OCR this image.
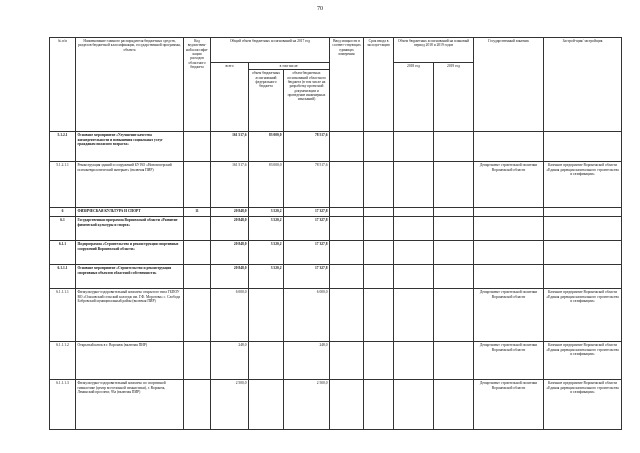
70
№ п/п	Наименование главного распорядителя бюджетных средств, разделов бюджетной классификации, государственной программы, объекта	Код ведомствен-ной классифи-кации расходов областного бюджета	Общий объем бюджетных ассигнований на 2017 год			Ввод мощности в соответ-ствующих единицах измерения	Срок ввода в эксплуа-тацию	Объем бюджетных ассигнований на плановый период 2018 и 2019 годов		Государственный заказчик	Застрой-щик/ застройщик
			всего	в том числе:				2018 год	2019 год		
				объем бюджетных ассигнований федерального бюджета	объем бюджетных ассигнований областного бюджета (в том числе на разработку проектной документации и проведение инженерных изысканий)						
5.1.2.1	Основное мероприятие «Улучшение качества жизнедеятельности и повышения социальных услуг гражданам пожилого возраста»		161 517,6	83 000,0	78 517,6						
5.1.2.1.1	Реконструкция зданий и сооружений БУ ВО «Новохоперский психоневрологический интернат» (включая ПИР)		161 517,6	83 000,0	78 517,6					Департамент строительной политики Воронежской области	Казенное предприятие Воронежской области «Единая дирекция капитального строительства и газификации»
6	ФИЗИЧЕСКАЯ КУЛЬТУРА И СПОРТ	11	20 848,0	3 520,2	17 327,8						
6.1	Государственная программа Воронежской области «Развитие физической культуры и спорта»		20 848,0	3 520,2	17 327,8						
6.1.1	Подпрограмма «Строительство и реконструкция спортивных сооружений Воронежской области»		20 848,0	3 520,2	17 327,8						
6.1.1.1	Основное мероприятие «Строительство и реконструкция спортивных объектов областной собственности»		20 848,0	3 520,2	17 327,8						
6.1.1.1.1	Физкультурно-оздоровительный комплекс открытого типа ГБПОУ ВО «Ольховский сельский колледж им. Г.Ф. Морозова» с. Слобода Бобровский муниципальный район (включая ПИР)		6 000,0		6 000,0					Департамент строительной политики Воронежской области	Казенное предприятие Воронежской области «Единая дирекция капитального строительства и газификации»
6.1.1.1.2	Открытый каток в г. Воронеж (включая ПИР)		248,0		248,0					Департамент строительной политики Воронежской области	Казенное предприятие Воронежской области «Единая дирекция капитального строительства и газификации»
6.1.1.1.3	Физкультурно-оздоровительный комплекс по спортивной гимнастике (центр всесезонной гимнастики), г. Воронеж, Ленинский проспект, 93а (включая ПИР)		2 500,0		2 500,0					Департамент строительной политики Воронежской области	Казенное предприятие Воронежской области «Единая дирекция капитального строительства и газификации»
